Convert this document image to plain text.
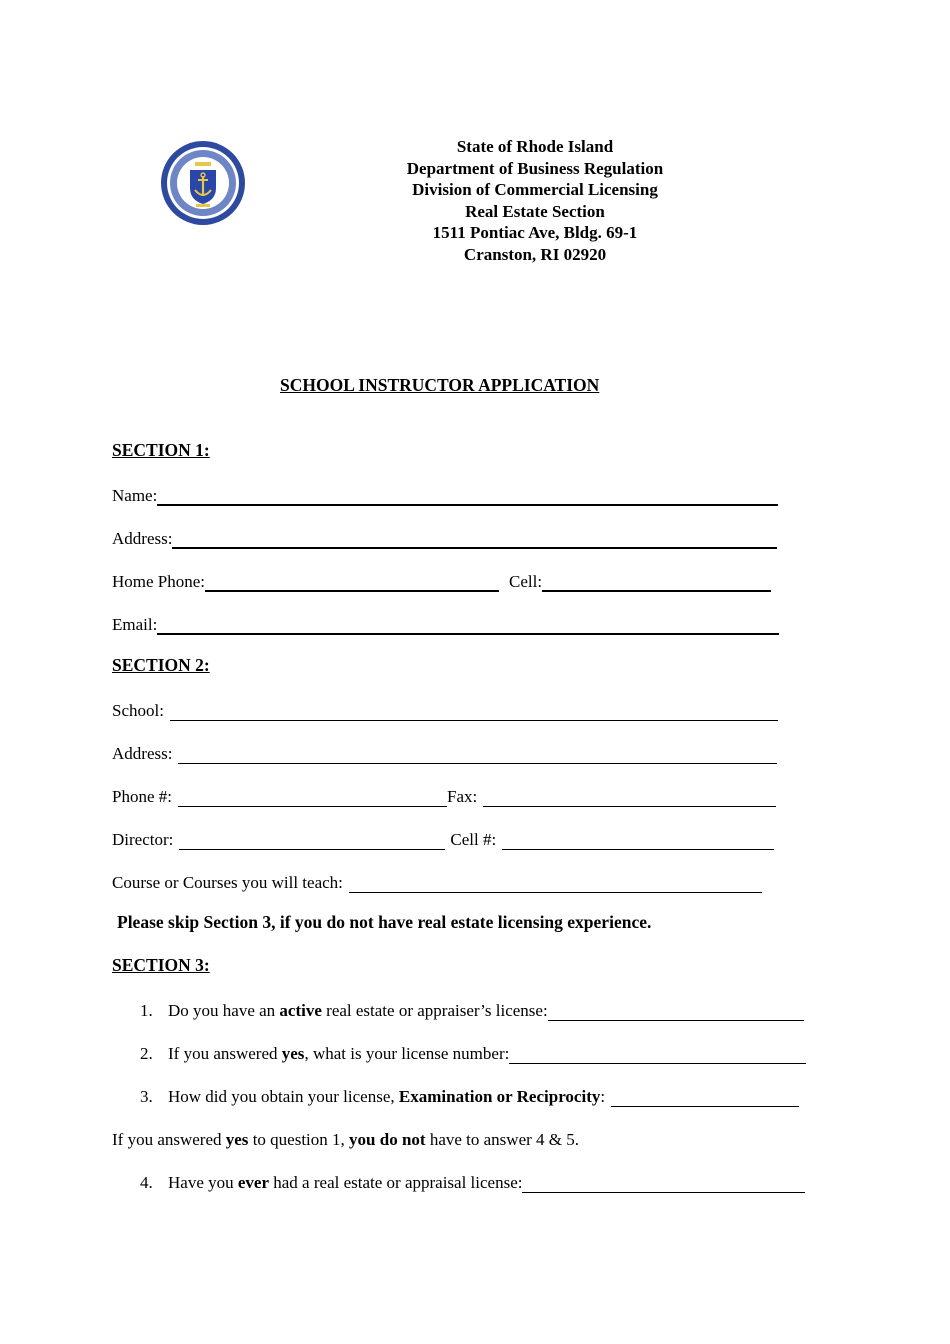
State of Rhode Island
Department of Business Regulation
Division of Commercial Licensing
Real Estate Section
1511 Pontiac Ave, Bldg. 69-1
Cranston, RI 02920
SCHOOL INSTRUCTOR APPLICATION
SECTION 1:
Name:
Address:
Home Phone:	Cell:
Email:
SECTION 2:
School:
Address:
Phone #:	Fax:
Director:	Cell #:
Course or Courses you will teach:
Please skip Section 3, if you do not have real estate licensing experience.
SECTION 3:
1. Do you have an active real estate or appraiser’s license:
2. If you answered yes , what is your license number:
3. How did you obtain your license, Examination or Reciprocity :
If you answered yes to question 1, you do not have to answer 4 & 5.
4. Have you ever had a real estate or appraisal license:
